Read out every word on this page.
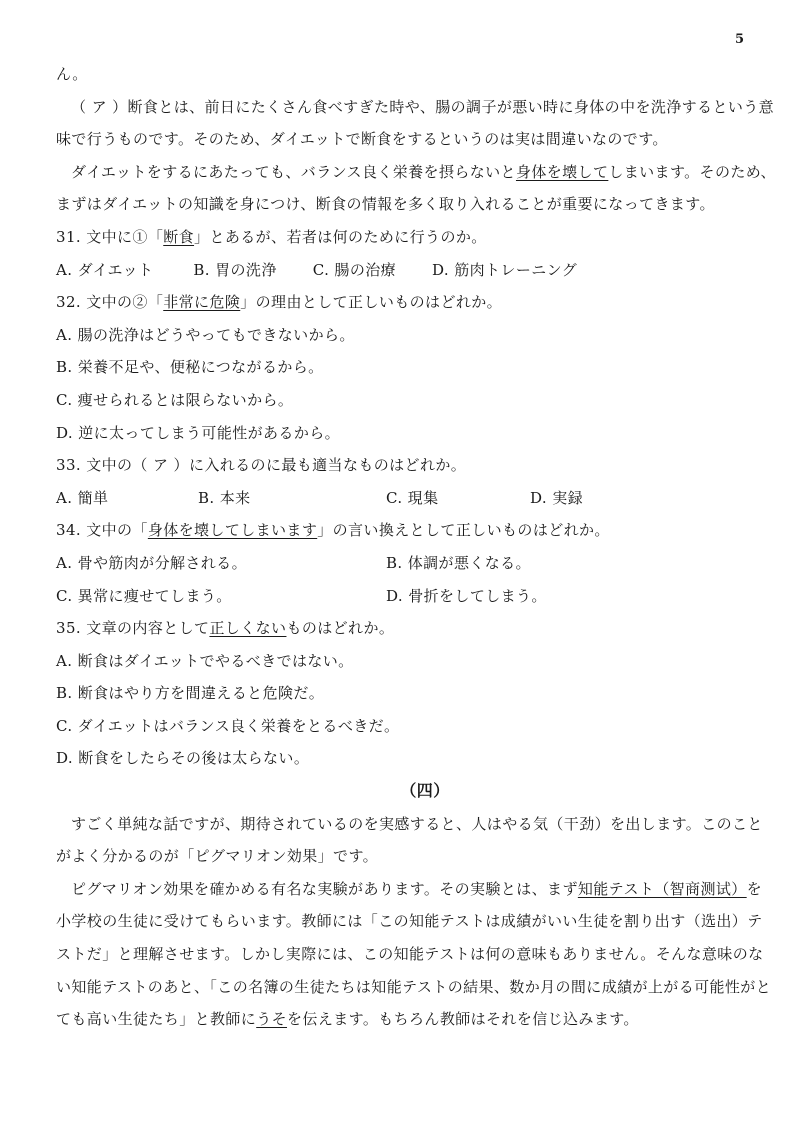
5
ん。
（ ア ）断食とは、前日にたくさん食べすぎた時や、腸の調子が悪い時に身体の中を洗浄するという意
味で行うものです。そのため、ダイエットで断食をするというのは実は間違いなのです。
ダイエットをするにあたっても、バランス良く栄養を摂らないと身体を壊してしまいます。そのため、
まずはダイエットの知識を身につけ、断食の情報を多く取り入れることが重要になってきます。
31. 文中に①「断食」とあるが、若者は何のために行うのか。
A. ダイエット	B. 胃の洗浄 C. 腸の治療 D. 筋肉トレーニング
32. 文中の②「非常に危険」の理由として正しいものはどれか。
A. 腸の洗浄はどうやってもできないから。
B. 栄養不足や、便秘につながるから。
C. 痩せられるとは限らないから。
D. 逆に太ってしまう可能性があるから。
33. 文中の（ ア ）に入れるのに最も適当なものはどれか。
A. 簡単	B. 本来	C. 現集	D. 実録
34. 文中の「身体を壊してしまいます」の言い換えとして正しいものはどれか。
A. 骨や筋肉が分解される。	B. 体調が悪くなる。
C. 異常に痩せてしまう。	D. 骨折をしてしまう。
35. 文章の内容として正しくないものはどれか。
A. 断食はダイエットでやるべきではない。
B. 断食はやり方を間違えると危険だ。
C. ダイエットはバランス良く栄養をとるべきだ。
D. 断食をしたらその後は太らない。
（四）
すごく単純な話ですが、期待されているのを実感すると、人はやる気（干劲）を出します。このこと
がよく分かるのが「ピグマリオン効果」です。
ピグマリオン効果を確かめる有名な実験があります。その実験とは、まず知能テスト（智商测试）を
小学校の生徒に受けてもらいます。教師には「この知能テストは成績がいい生徒を割り出す（选出）テ
ストだ」と理解させます。しかし実際には、この知能テストは何の意味もありません。そんな意味のな
い知能テストのあと、「この名簿の生徒たちは知能テストの結果、数か月の間に成績が上がる可能性がと
ても高い生徒たち」と教師にうそを伝えます。もちろん教師はそれを信じ込みます。
